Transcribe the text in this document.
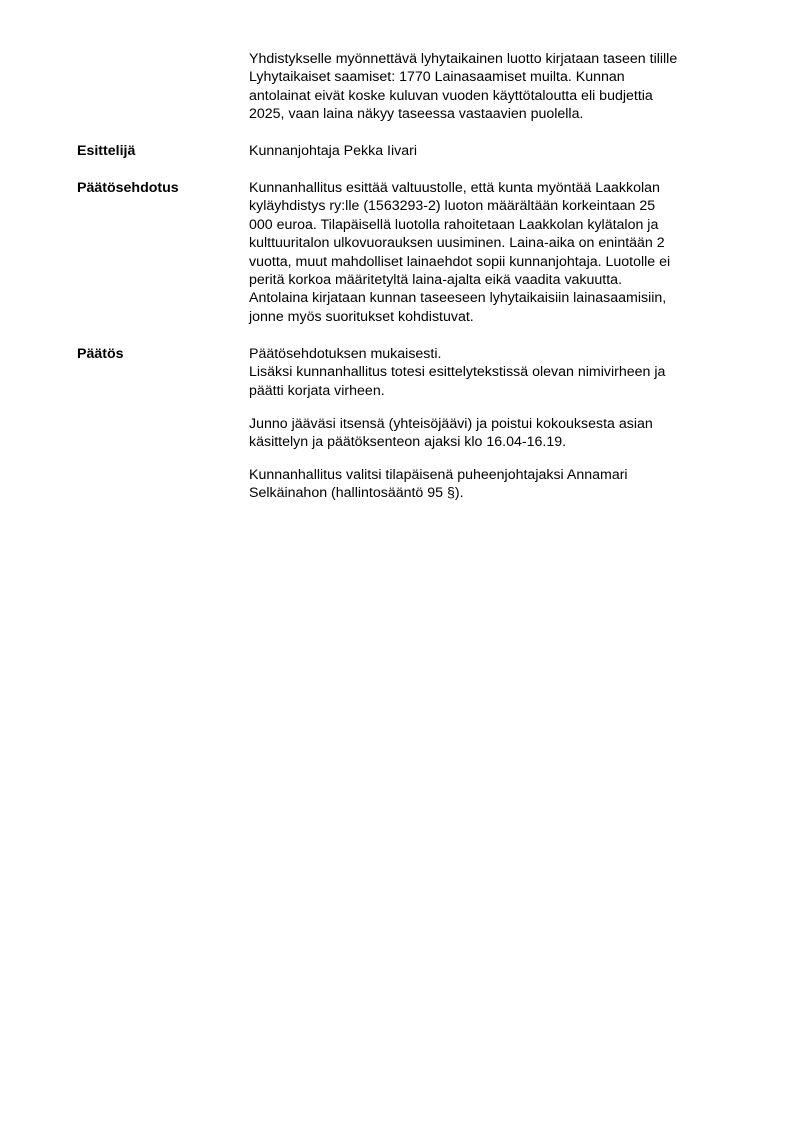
Yhdistykselle myönnettävä lyhytaikainen luotto kirjataan taseen tilille
Lyhytaikaiset saamiset: 1770 Lainasaamiset muilta. Kunnan
antolainat eivät koske kuluvan vuoden käyttötaloutta eli budjettia
2025, vaan laina näkyy taseessa vastaavien puolella.
Esittelijä	Kunnanjohtaja Pekka Iivari
Päätösehdotus	Kunnanhallitus esittää valtuustolle, että kunta myöntää Laakkolan
kyläyhdistys ry:lle (1563293-2) luoton määrältään korkeintaan 25
000 euroa. Tilapäisellä luotolla rahoitetaan Laakkolan kylätalon ja
kulttuuritalon ulkovuorauksen uusiminen. Laina-aika on enintään 2
vuotta, muut mahdolliset lainaehdot sopii kunnanjohtaja. Luotolle ei
peritä korkoa määritetyltä laina-ajalta eikä vaadita vakuutta.
Antolaina kirjataan kunnan taseeseen lyhytaikaisiin lainasaamisiin,
jonne myös suoritukset kohdistuvat.
Päätös	Päätösehdotuksen mukaisesti.
Lisäksi kunnanhallitus totesi esittelytekstissä olevan nimivirheen ja
päätti korjata virheen.
Junno jääväsi itsensä (yhteisöjäävi) ja poistui kokouksesta asian
käsittelyn ja päätöksenteon ajaksi klo 16.04-16.19.
Kunnanhallitus valitsi tilapäisenä puheenjohtajaksi Annamari
Selkäinahon (hallintosääntö 95 §).
